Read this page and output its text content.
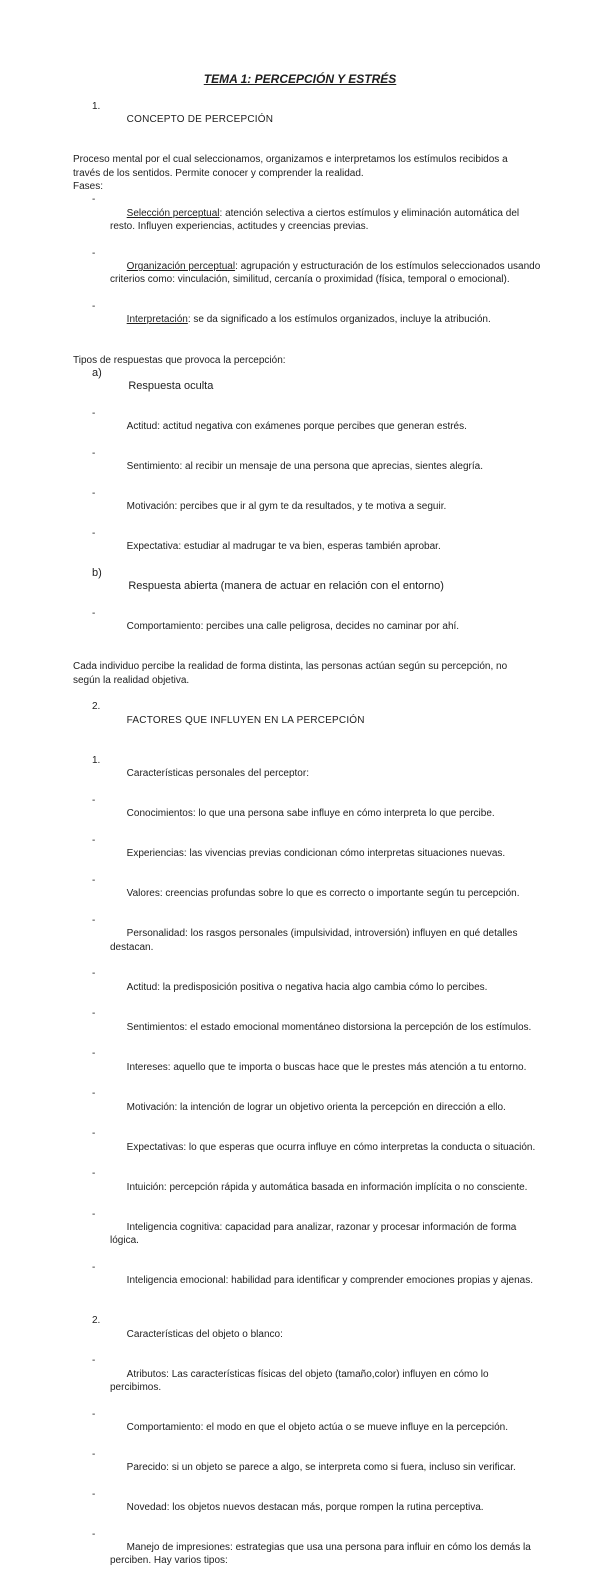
TEMA 1: PERCEPCIÓN Y ESTRÉS

1.
CONCEPTO DE PERCEPCIÓN

Proceso mental por el cual seleccionamos, organizamos e interpretamos los estímulos recibidos a
través de los sentidos. Permite conocer y comprender la realidad.
Fases:

-
Selección perceptual: atención selectiva a ciertos estímulos y eliminación automática del
resto. Influyen experiencias, actitudes y creencias previas.

-
Organización perceptual: agrupación y estructuración de los estímulos seleccionados usando
criterios como: vinculación, similitud, cercanía o proximidad (física, temporal o emocional).

-
Interpretación: se da significado a los estímulos organizados, incluye la atribución.

Tipos de respuestas que provoca la percepción:

a)
Respuesta oculta

-
Actitud: actitud negativa con exámenes porque percibes que generan estrés.

-
Sentimiento: al recibir un mensaje de una persona que aprecias, sientes alegría.

-
Motivación: percibes que ir al gym te da resultados, y te motiva a seguir.

-
Expectativa: estudiar al madrugar te va bien, esperas también aprobar.

b)
Respuesta abierta (manera de actuar en relación con el entorno)

-
Comportamiento: percibes una calle peligrosa, decides no caminar por ahí.

Cada individuo percibe la realidad de forma distinta, las personas actúan según su percepción, no
según la realidad objetiva.

2.
FACTORES QUE INFLUYEN EN LA PERCEPCIÓN

1.
Características personales del perceptor:

-
Conocimientos: lo que una persona sabe influye en cómo interpreta lo que percibe.

-
Experiencias: las vivencias previas condicionan cómo interpretas situaciones nuevas.

-
Valores: creencias profundas sobre lo que es correcto o importante según tu percepción.

-
Personalidad: los rasgos personales (impulsividad, introversión) influyen en qué detalles
destacan.

-
Actitud: la predisposición positiva o negativa hacia algo cambia cómo lo percibes.

-
Sentimientos: el estado emocional momentáneo distorsiona la percepción de los estímulos.

-
Intereses: aquello que te importa o buscas hace que le prestes más atención a tu entorno.

-
Motivación: la intención de lograr un objetivo orienta la percepción en dirección a ello.

-
Expectativas: lo que esperas que ocurra influye en cómo interpretas la conducta o situación.

-
Intuición: percepción rápida y automática basada en información implícita o no consciente.

-
Inteligencia cognitiva: capacidad para analizar, razonar y procesar información de forma
lógica.

-
Inteligencia emocional: habilidad para identificar y comprender emociones propias y ajenas.

2.
Características del objeto o blanco:

-
Atributos: Las características físicas del objeto (tamaño,color) influyen en cómo lo
percibimos.

-
Comportamiento: el modo en que el objeto actúa o se mueve influye en la percepción.

-
Parecido: si un objeto se parece a algo, se interpreta como si fuera, incluso sin verificar.

-
Novedad: los objetos nuevos destacan más, porque rompen la rutina perceptiva.

-
Manejo de impresiones: estrategias que usa una persona para influir en cómo los demás la
perciben. Hay varios tipos:
